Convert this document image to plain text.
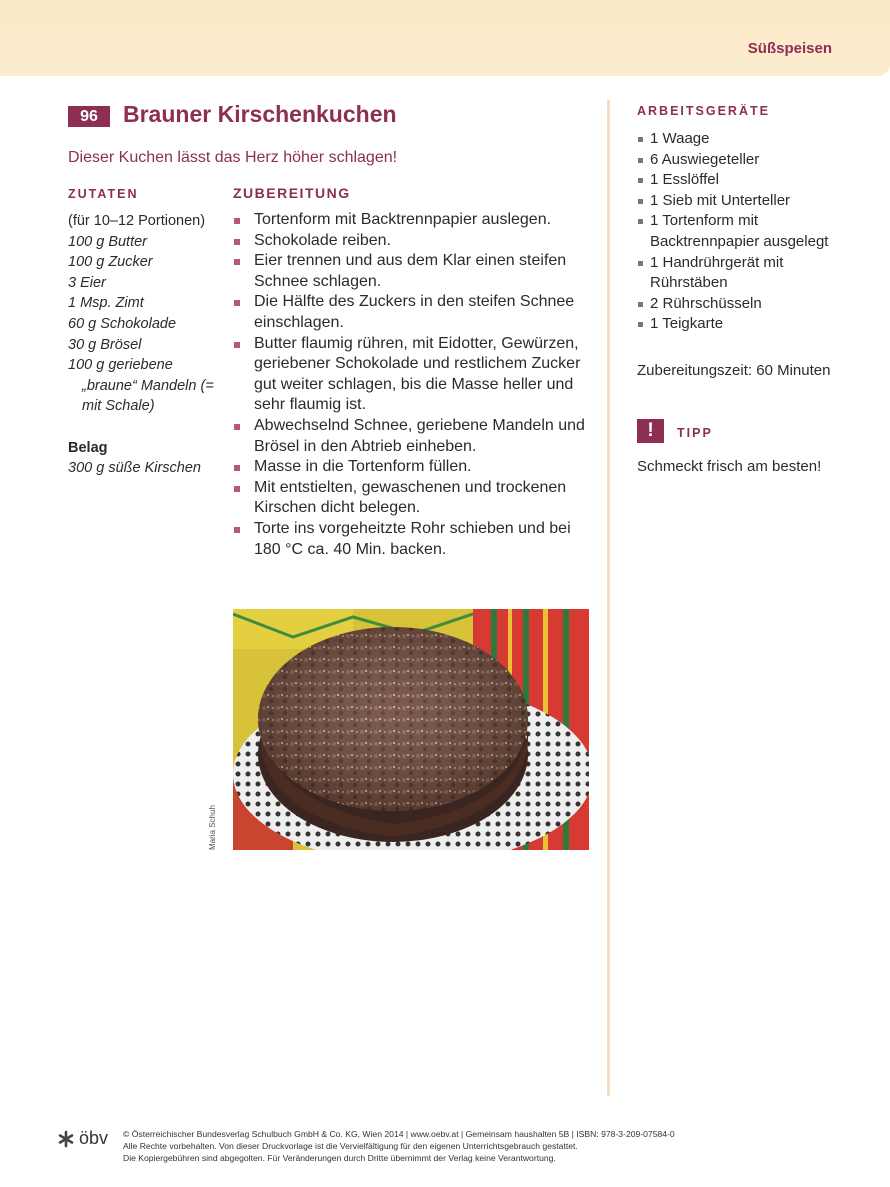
Süßspeisen
96	Brauner Kirschenkuchen
Dieser Kuchen lässt das Herz höher schlagen!
ZUTATEN	ZUBEREITUNG
(für 10–12 Portionen)
100 g Butter
100 g Zucker
3 Eier
1 Msp. Zimt
60 g Schokolade
30 g Brösel
100 g geriebene „braune“ Mandeln (= mit Schale)
Belag
300 g süße Kirschen
Tortenform mit Backtrennpapier auslegen.
Schokolade reiben.
Eier trennen und aus dem Klar einen steifen Schnee schlagen.
Die Hälfte des Zuckers in den steifen Schnee einschlagen.
Butter flaumig rühren, mit Eidotter, Gewürzen, geriebener Schokolade und restlichem Zucker gut weiter schlagen, bis die Masse heller und sehr flaumig ist.
Abwechselnd Schnee, geriebene Mandeln und Brösel in den Abtrieb einheben.
Masse in die Tortenform füllen.
Mit entstielten, gewaschenen und trockenen Kirschen dicht belegen.
Torte ins vorgeheitzte Rohr schieben und bei 180 °C ca. 40 Min. backen.
Maria Schuh
ARBEITSGERÄTE
1 Waage
6 Auswiegeteller
1 Esslöffel
1 Sieb mit Unterteller
1 Tortenform mit Backtrennpapier ausgelegt
1 Handrührgerät mit Rührstäben
2 Rührschüsseln
1 Teigkarte
Zubereitungszeit: 60 Minuten
!	TIPP
Schmeckt frisch am besten!
öbv © Österreichischer Bundesverlag Schulbuch GmbH & Co. KG, Wien 2014 | www.oebv.at | Gemeinsam haushalten 5B | ISBN: 978-3-209-07584-0
Alle Rechte vorbehalten. Von dieser Druckvorlage ist die Vervielfältigung für den eigenen Unterrichtsgebrauch gestattet.
Die Kopiergebühren sind abgegolten. Für Veränderungen durch Dritte übernimmt der Verlag keine Verantwortung.
